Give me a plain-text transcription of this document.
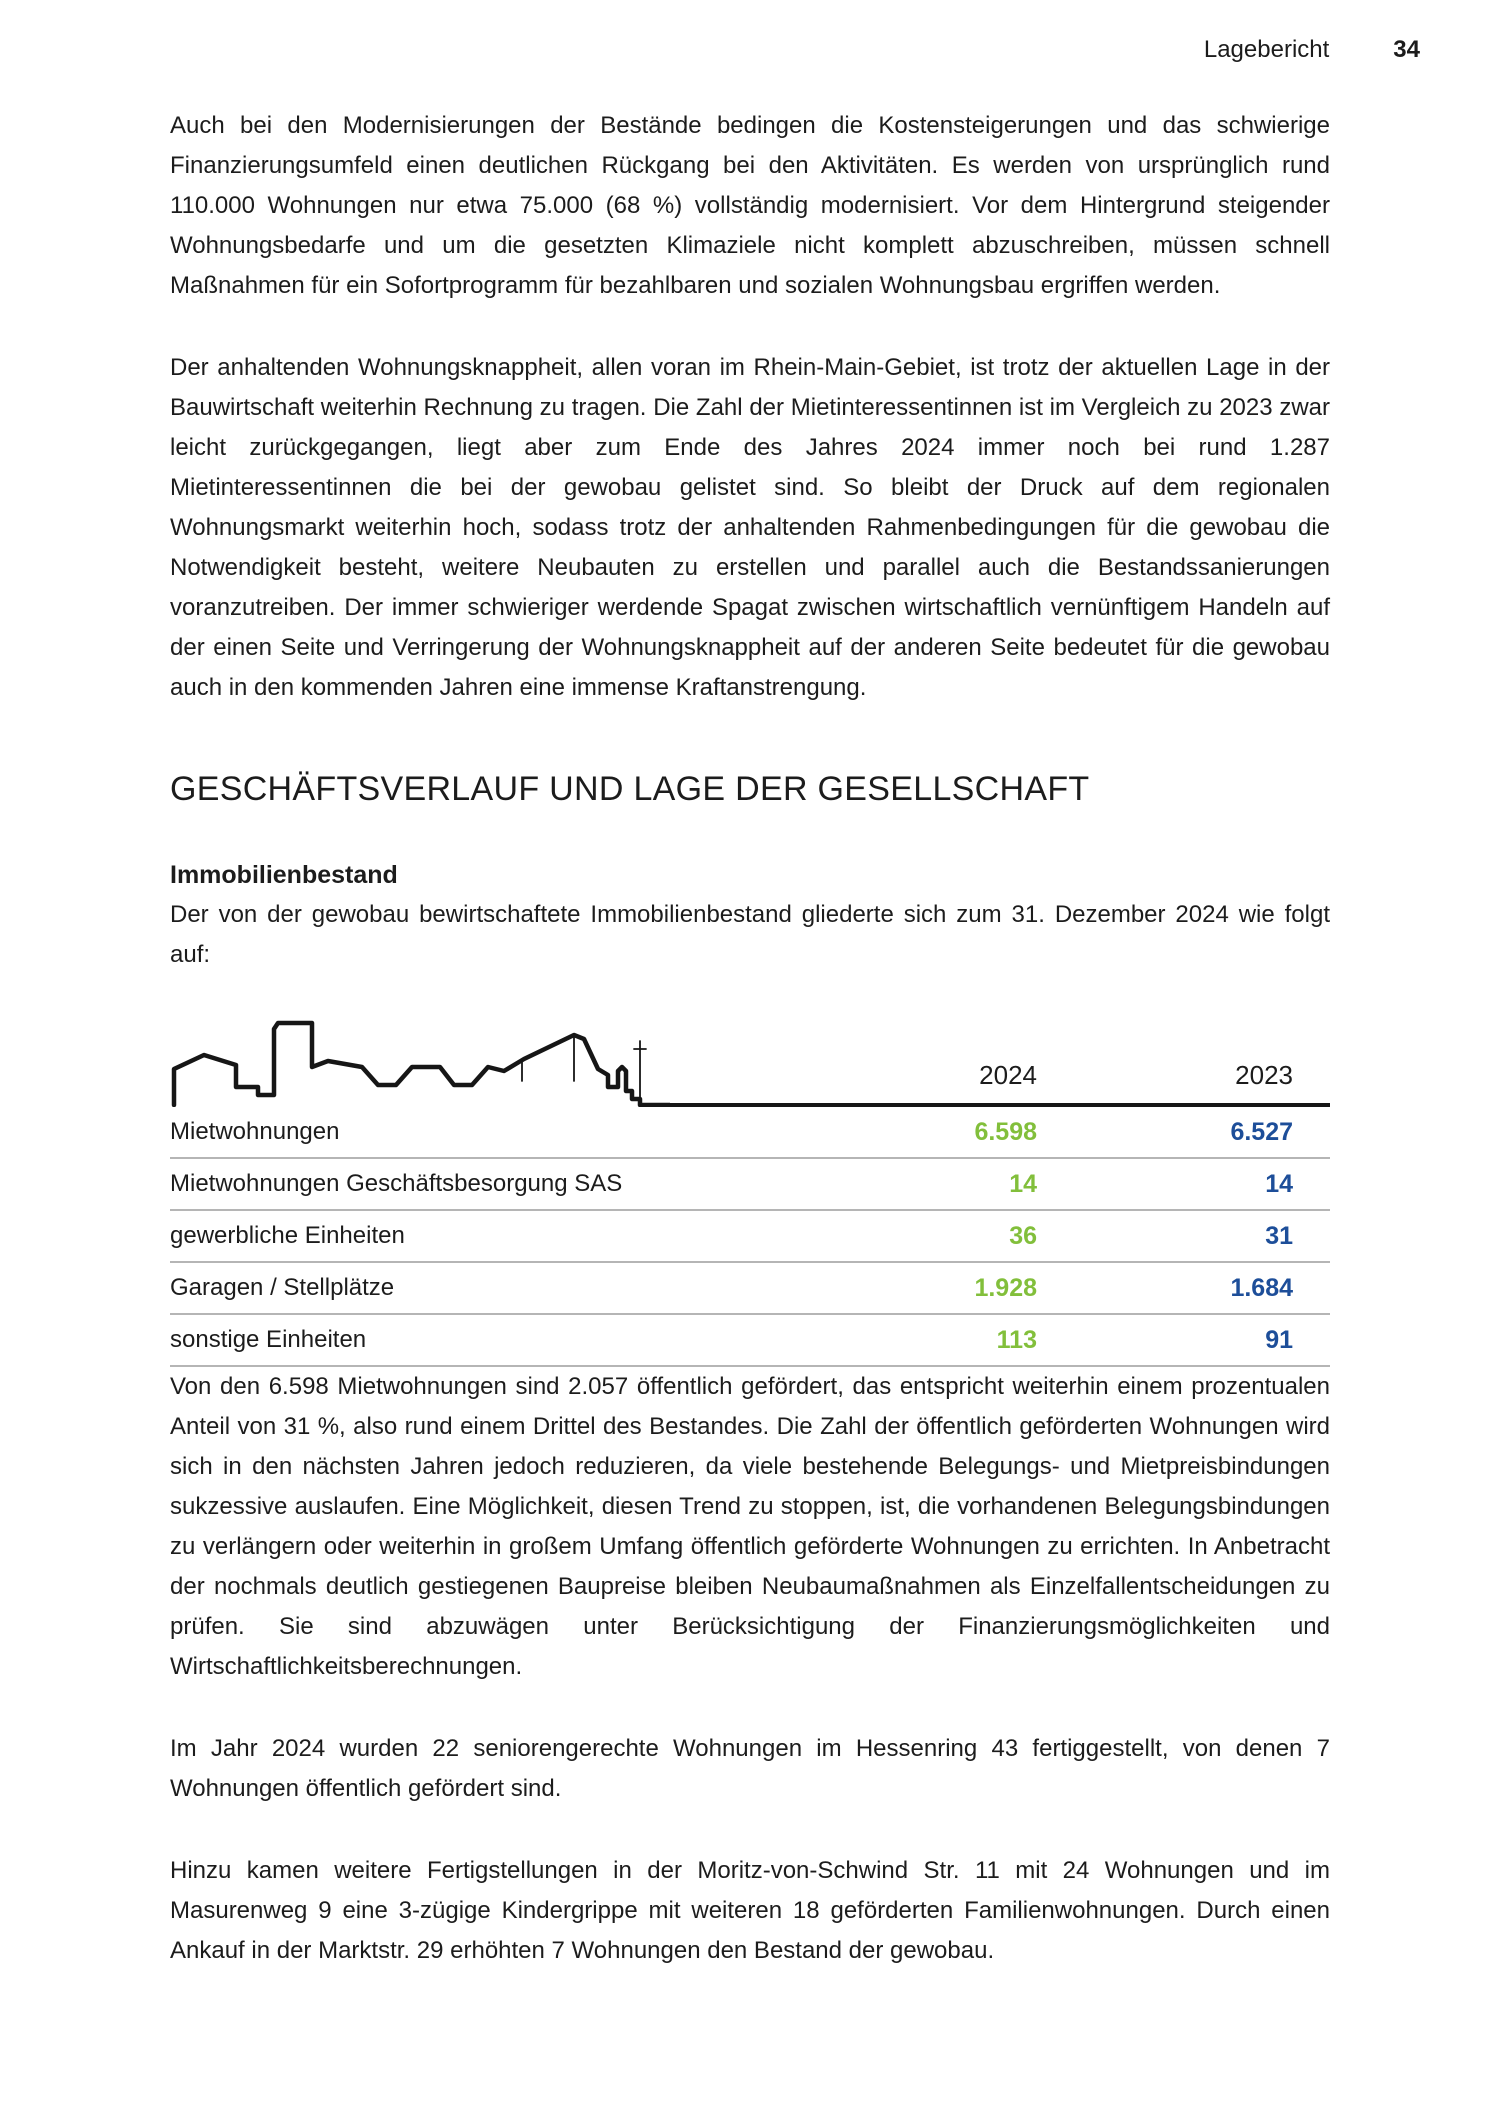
Lagebericht	34

Auch bei den Modernisierungen der Bestände bedingen die Kostensteigerungen und das schwierige Finanzierungsumfeld einen deutlichen Rückgang bei den Aktivitäten. Es werden von ursprünglich rund 110.000 Wohnungen nur etwa 75.000 (68 %) vollständig modernisiert. Vor dem Hintergrund steigender Wohnungsbedarfe und um die gesetzten Klimaziele nicht komplett abzuschreiben, müssen schnell Maßnahmen für ein Sofortprogramm für bezahlbaren und sozialen Wohnungsbau ergriffen werden.

Der anhaltenden Wohnungsknappheit, allen voran im Rhein-Main-Gebiet, ist trotz der aktuellen Lage in der Bauwirtschaft weiterhin Rechnung zu tragen. Die Zahl der Mietinteressentinnen ist im Vergleich zu 2023 zwar leicht zurückgegangen, liegt aber zum Ende des Jahres 2024 immer noch bei rund 1.287 Mietinteressentinnen die bei der gewobau gelistet sind. So bleibt der Druck auf dem regionalen Wohnungsmarkt weiterhin hoch, sodass trotz der anhaltenden Rahmenbedingungen für die gewobau die Notwendigkeit besteht, weitere Neubauten zu erstellen und parallel auch die Bestandssanierungen voranzutreiben. Der immer schwieriger werdende Spagat zwischen wirtschaftlich vernünftigem Handeln auf der einen Seite und Verringerung der Wohnungsknappheit auf der anderen Seite bedeutet für die gewobau auch in den kommenden Jahren eine immense Kraftanstrengung.

GESCHÄFTSVERLAUF UND LAGE DER GESELLSCHAFT
Immobilienbestand

Der von der gewobau bewirtschaftete Immobilienbestand gliederte sich zum 31. Dezember 2024 wie folgt auf:

2024	2023
Mietwohnungen	6.598	6.527
Mietwohnungen Geschäftsbesorgung SAS	14	14
gewerbliche Einheiten	36	31
Garagen / Stellplätze	1.928	1.684
sonstige Einheiten	113	91

Von den 6.598 Mietwohnungen sind 2.057 öffentlich gefördert, das entspricht weiterhin einem prozentualen Anteil von 31 %, also rund einem Drittel des Bestandes. Die Zahl der öffentlich geförderten Wohnungen wird sich in den nächsten Jahren jedoch reduzieren, da viele bestehende Belegungs- und Mietpreisbindungen sukzessive auslaufen. Eine Möglichkeit, diesen Trend zu stoppen, ist, die vorhandenen Belegungsbindungen zu verlängern oder weiterhin in großem Umfang öffentlich geförderte Wohnungen zu errichten. In Anbetracht der nochmals deutlich gestiegenen Baupreise bleiben Neubaumaßnahmen als Einzelfallentscheidungen zu prüfen. Sie sind abzuwägen unter Berücksichtigung der Finanzierungsmöglichkeiten und Wirtschaftlichkeitsberechnungen.

Im Jahr 2024 wurden 22 seniorengerechte Wohnungen im Hessenring 43 fertiggestellt, von denen 7 Wohnungen öffentlich gefördert sind.

Hinzu kamen weitere Fertigstellungen in der Moritz-von-Schwind Str. 11 mit 24 Wohnungen und im Masurenweg 9 eine 3-zügige Kindergrippe mit weiteren 18 geförderten Familienwohnungen. Durch einen Ankauf in der Marktstr. 29 erhöhten 7 Wohnungen den Bestand der gewobau.
